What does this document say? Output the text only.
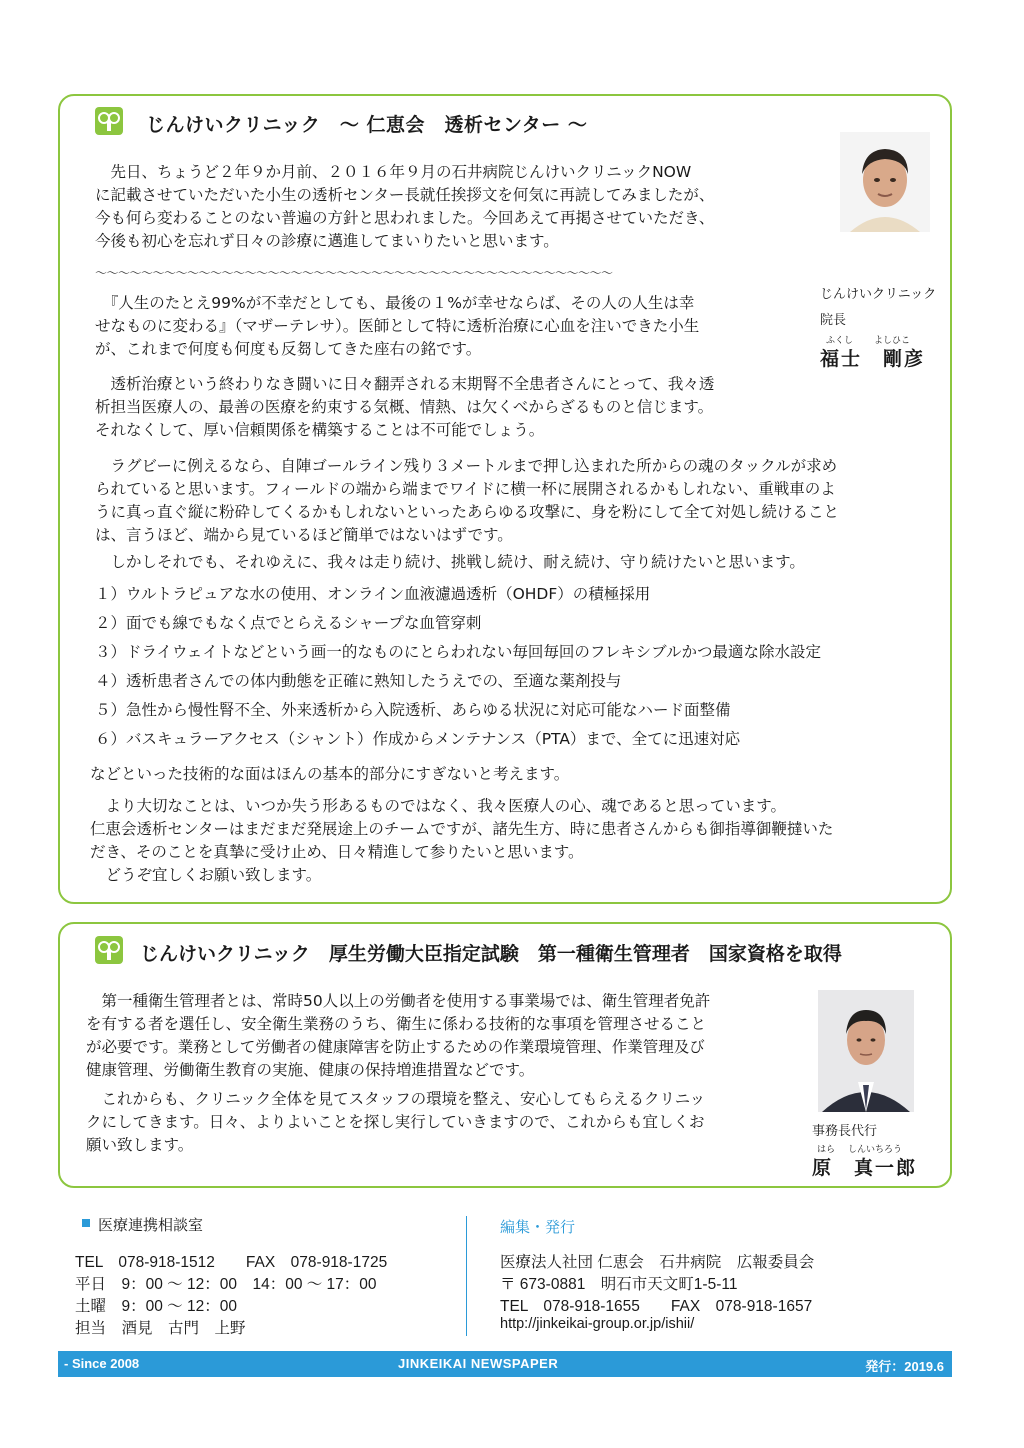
じんけいクリニック　～ 仁恵会　透析センター ～
　先日、ちょうど２年９か月前、２０１６年９月の石井病院じんけいクリニックNOW
に記載させていただいた小生の透析センター長就任挨拶文を何気に再読してみましたが、
今も何ら変わることのない普遍の方針と思われました。今回あえて再掲させていただき、
今後も初心を忘れず日々の診療に邁進してまいりたいと思います。
〜〜〜〜〜〜〜〜〜〜〜〜〜〜〜〜〜〜〜〜〜〜〜〜〜〜〜〜〜〜〜〜〜〜〜〜〜〜〜〜〜〜〜〜〜
　『人生のたとえ99%が不幸だとしても、最後の１%が幸せならば、その人の人生は幸
せなものに変わる』（マザーテレサ）。医師として特に透析治療に心血を注いできた小生
が、これまで何度も何度も反芻してきた座右の銘です。
　透析治療という終わりなき闘いに日々翻弄される末期腎不全患者さんにとって、我々透
析担当医療人の、最善の医療を約束する気概、情熱、は欠くべからざるものと信じます。
それなくして、厚い信頼関係を構築することは不可能でしょう。
　ラグビーに例えるなら、自陣ゴールライン残り３メートルまで押し込まれた所からの魂のタックルが求め
られていると思います。フィールドの端から端までワイドに横一杯に展開されるかもしれない、重戦車のよ
うに真っ直ぐ縦に粉砕してくるかもしれないといったあらゆる攻撃に、身を粉にして全て対処し続けること
は、言うほど、端から見ているほど簡単ではないはずです。
　しかしそれでも、それゆえに、我々は走り続け、挑戦し続け、耐え続け、守り続けたいと思います。
１）ウルトラピュアな水の使用、オンライン血液濾過透析（OHDF）の積極採用
２）面でも線でもなく点でとらえるシャープな血管穿刺
３）ドライウェイトなどという画一的なものにとらわれない毎回毎回のフレキシブルかつ最適な除水設定
４）透析患者さんでの体内動態を正確に熟知したうえでの、至適な薬剤投与
５）急性から慢性腎不全、外来透析から入院透析、あらゆる状況に対応可能なハード面整備
６）バスキュラーアクセス（シャント）作成からメンテナンス（PTA）まで、全てに迅速対応
などといった技術的な面はほんの基本的部分にすぎないと考えます。
　より大切なことは、いつか失う形あるものではなく、我々医療人の心、魂であると思っています。
仁恵会透析センターはまだまだ発展途上のチームですが、諸先生方、時に患者さんからも御指導御鞭撻いた
だき、そのことを真摯に受け止め、日々精進して参りたいと思います。
　どうぞ宜しくお願い致します。
じんけいクリニック
院長
ふくし よしひこ
福士　剛彦
じんけいクリニック　厚生労働大臣指定試験　第一種衛生管理者　国家資格を取得
　第一種衛生管理者とは、常時50人以上の労働者を使用する事業場では、衛生管理者免許
を有する者を選任し、安全衛生業務のうち、衛生に係わる技術的な事項を管理させること
が必要です。業務として労働者の健康障害を防止するための作業環境管理、作業管理及び
健康管理、労働衛生教育の実施、健康の保持増進措置などです。
　これからも、クリニック全体を見てスタッフの環境を整え、安心してもらえるクリニッ
クにしてきます。日々、よりよいことを探し実行していきますので、これからも宜しくお
願い致します。
事務長代行
はら しんいちろう
原　真一郎
医療連携相談室
TEL　078-918-1512　　FAX　078-918-1725
平日　9：00 ～ 12：00　14：00 ～ 17：00
土曜　9：00 ～ 12：00
担当　酒見　古門　上野
編集・発行
医療法人社団 仁恵会　石井病院　広報委員会
〒 673-0881　明石市天文町1-5-11
TEL　078-918-1655　　FAX　078-918-1657
http://jinkeikai-group.or.jp/ishii/
- Since 2008	JINKEIKAI NEWSPAPER	発行：2019.6
